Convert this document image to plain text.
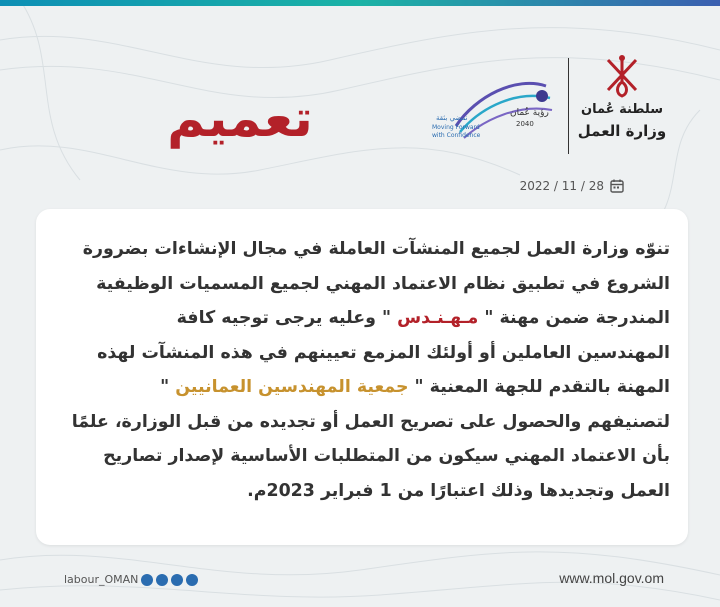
رؤية عُمان
2040
نمضي بثقة
Moving Forward
with Confidence
سلطنة عُمان
وزارة العمل
تعميم
2022 / 11 / 28
تنوّه وزارة العمل لجميع المنشآت العاملة في مجال الإنشاءات بضرورة
الشروع في تطبيق نظام الاعتماد المهني لجميع المسميات الوظيفية
المندرجة ضمن مهنة " مـهـنـدس " وعليه يرجى توجيه كافة
المهندسين العاملين أو أولئك المزمع تعيينهم في هذه المنشآت لهذه
المهنة بالتقدم للجهة المعنية " جمعية المهندسين العمانيين "
لتصنيفهم والحصول على تصريح العمل أو تجديده من قبل الوزارة، علمًا
بأن الاعتماد المهني سيكون من المتطلبات الأساسية لإصدار تصاريح
العمل وتجديدها وذلك اعتبارًا من 1 فبراير 2023م.
labour_OMAN	www.mol.gov.om
